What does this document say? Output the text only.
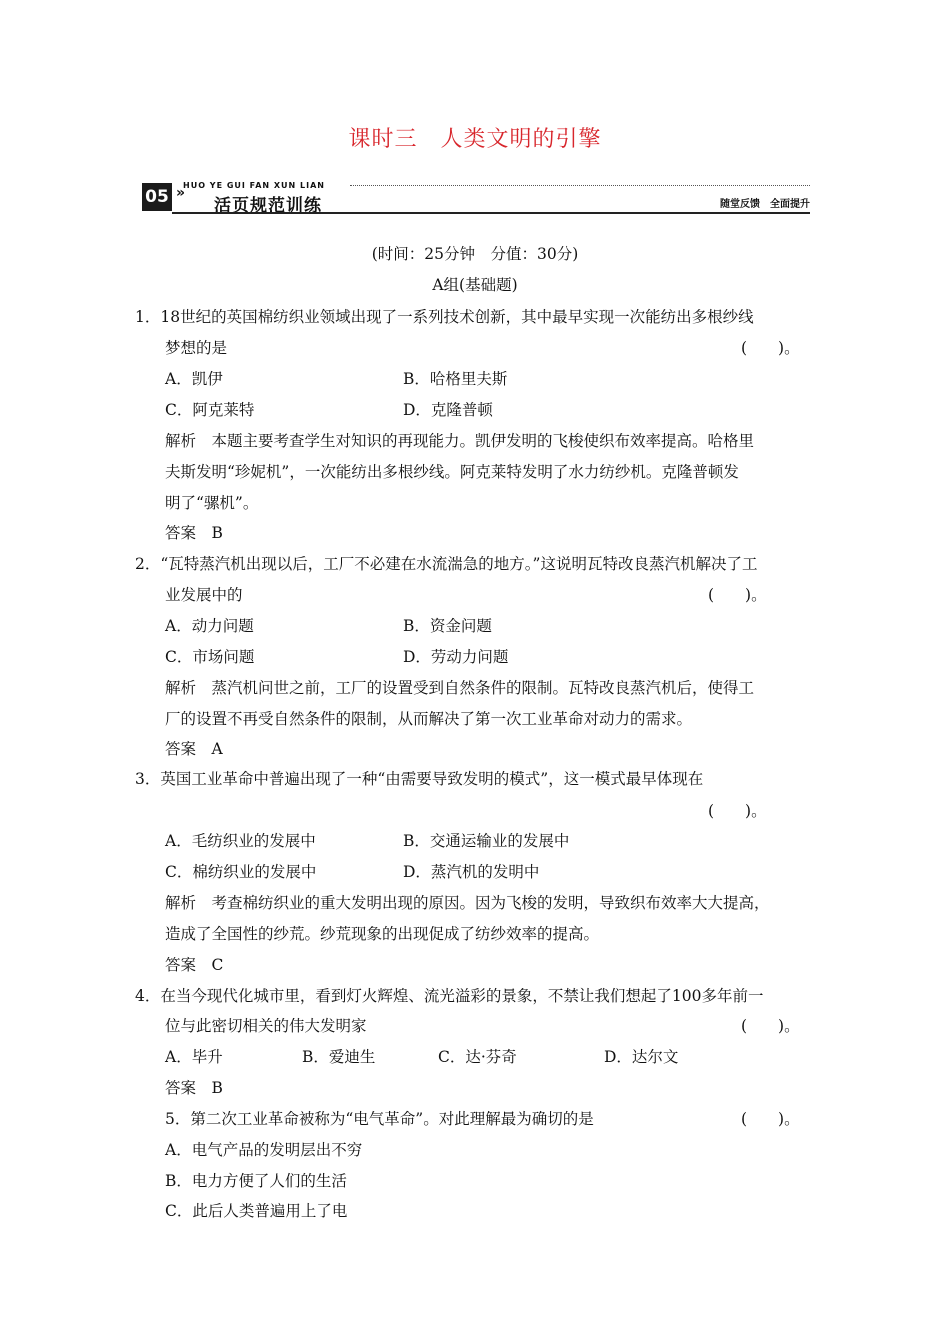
课时三　人类文明的引擎
05 »
HUO YE GUI FAN XUN LIAN
活页规范训练	随堂反馈　全面提升
(时间：25分钟　分值：30分)
A组(基础题)
1．18世纪的英国棉纺织业领域出现了一系列技术创新，其中最早实现一次能纺出多根纱线
梦想的是	(　　)。
A．凯伊	B．哈格里夫斯
C．阿克莱特	D．克隆普顿
解析　本题主要考查学生对知识的再现能力。凯伊发明的飞梭使织布效率提高。哈格里
夫斯发明“珍妮机”，一次能纺出多根纱线。阿克莱特发明了水力纺纱机。克隆普顿发
明了“骡机”。
答案　B
2．“瓦特蒸汽机出现以后，工厂不必建在水流湍急的地方。”这说明瓦特改良蒸汽机解决了工
业发展中的	(　　)。
A．动力问题	B．资金问题
C．市场问题	D．劳动力问题
解析　蒸汽机问世之前，工厂的设置受到自然条件的限制。瓦特改良蒸汽机后，使得工
厂的设置不再受自然条件的限制，从而解决了第一次工业革命对动力的需求。
答案　A
3．英国工业革命中普遍出现了一种“由需要导致发明的模式”，这一模式最早体现在
(　　)。
A．毛纺织业的发展中	B．交通运输业的发展中
C．棉纺织业的发展中	D．蒸汽机的发明中
解析　考查棉纺织业的重大发明出现的原因。因为飞梭的发明，导致织布效率大大提高，
造成了全国性的纱荒。纱荒现象的出现促成了纺纱效率的提高。
答案　C
4．在当今现代化城市里，看到灯火辉煌、流光溢彩的景象，不禁让我们想起了100多年前一
位与此密切相关的伟大发明家	(　　)。
A．毕升	B．爱迪生	C．达·芬奇	D．达尔文
答案　B
5．第二次工业革命被称为“电气革命”。对此理解最为确切的是	(　　)。
A．电气产品的发明层出不穷
B．电力方便了人们的生活
C．此后人类普遍用上了电
